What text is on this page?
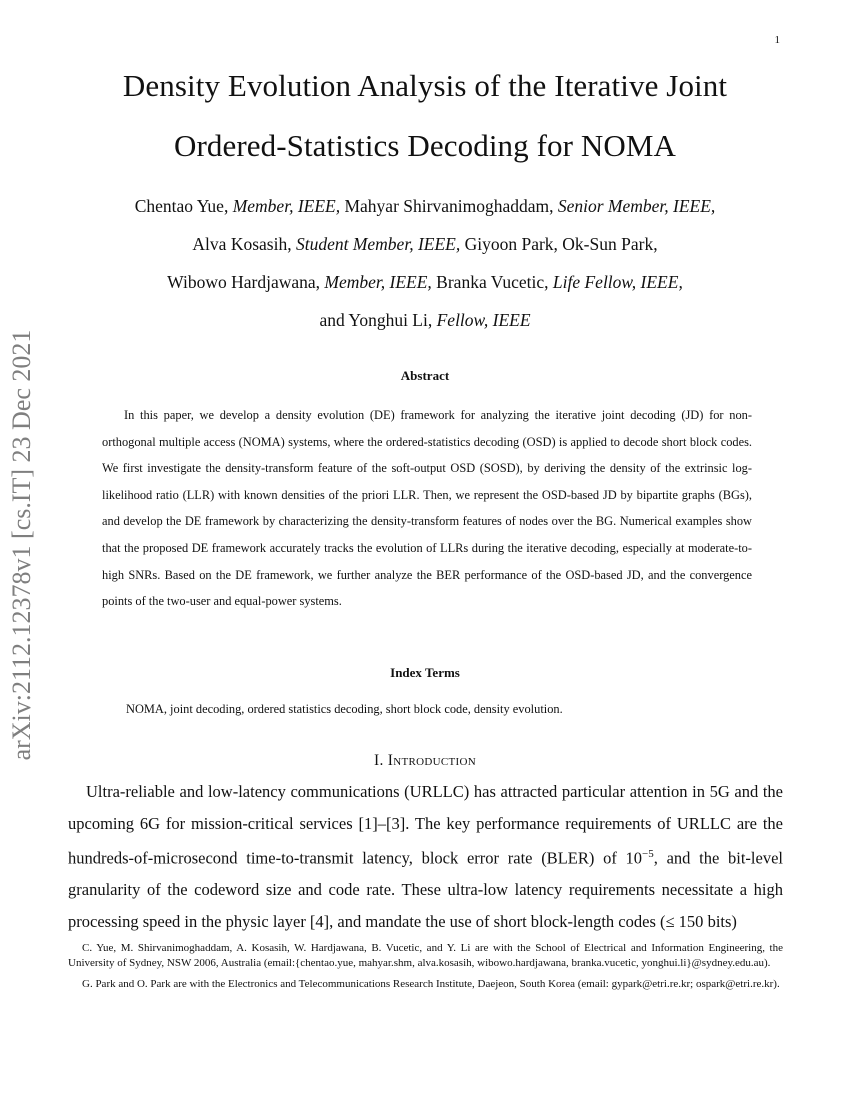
1
arXiv:2112.12378v1 [cs.IT] 23 Dec 2021
Density Evolution Analysis of the Iterative Joint
Ordered-Statistics Decoding for NOMA
Chentao Yue, Member, IEEE, Mahyar Shirvanimoghaddam, Senior Member, IEEE,
Alva Kosasih, Student Member, IEEE, Giyoon Park, Ok-Sun Park,
Wibowo Hardjawana, Member, IEEE, Branka Vucetic, Life Fellow, IEEE,
and Yonghui Li, Fellow, IEEE
Abstract

In this paper, we develop a density evolution (DE) framework for analyzing the iterative joint decoding (JD) for non-orthogonal multiple access (NOMA) systems, where the ordered-statistics decoding (OSD) is applied to decode short block codes. We first investigate the density-transform feature of the soft-output OSD (SOSD), by deriving the density of the extrinsic log-likelihood ratio (LLR) with known densities of the priori LLR. Then, we represent the OSD-based JD by bipartite graphs (BGs), and develop the DE framework by characterizing the density-transform features of nodes over the BG. Numerical examples show that the proposed DE framework accurately tracks the evolution of LLRs during the iterative decoding, especially at moderate-to-high SNRs. Based on the DE framework, we further analyze the BER performance of the OSD-based JD, and the convergence points of the two-user and equal-power systems.

Index Terms

NOMA, joint decoding, ordered statistics decoding, short block code, density evolution.

I. Introduction

Ultra-reliable and low-latency communications (URLLC) has attracted particular attention in 5G and the upcoming 6G for mission-critical services [1]–[3]. The key performance requirements of URLLC are the hundreds-of-microsecond time-to-transmit latency, block error rate (BLER) of $10^{-5}$, and the bit-level granularity of the codeword size and code rate. These ultra-low latency requirements necessitate a high processing speed in the physic layer [4], and mandate the use of short block-length codes (≤ 150 bits)

C. Yue, M. Shirvanimoghaddam, A. Kosasih, W. Hardjawana, B. Vucetic, and Y. Li are with the School of Electrical and Information Engineering, the University of Sydney, NSW 2006, Australia (email:{chentao.yue, mahyar.shm, alva.kosasih, wibowo.hardjawana, branka.vucetic, yonghui.li}@sydney.edu.au).

G. Park and O. Park are with the Electronics and Telecommunications Research Institute, Daejeon, South Korea (email: gypark@etri.re.kr; ospark@etri.re.kr).
